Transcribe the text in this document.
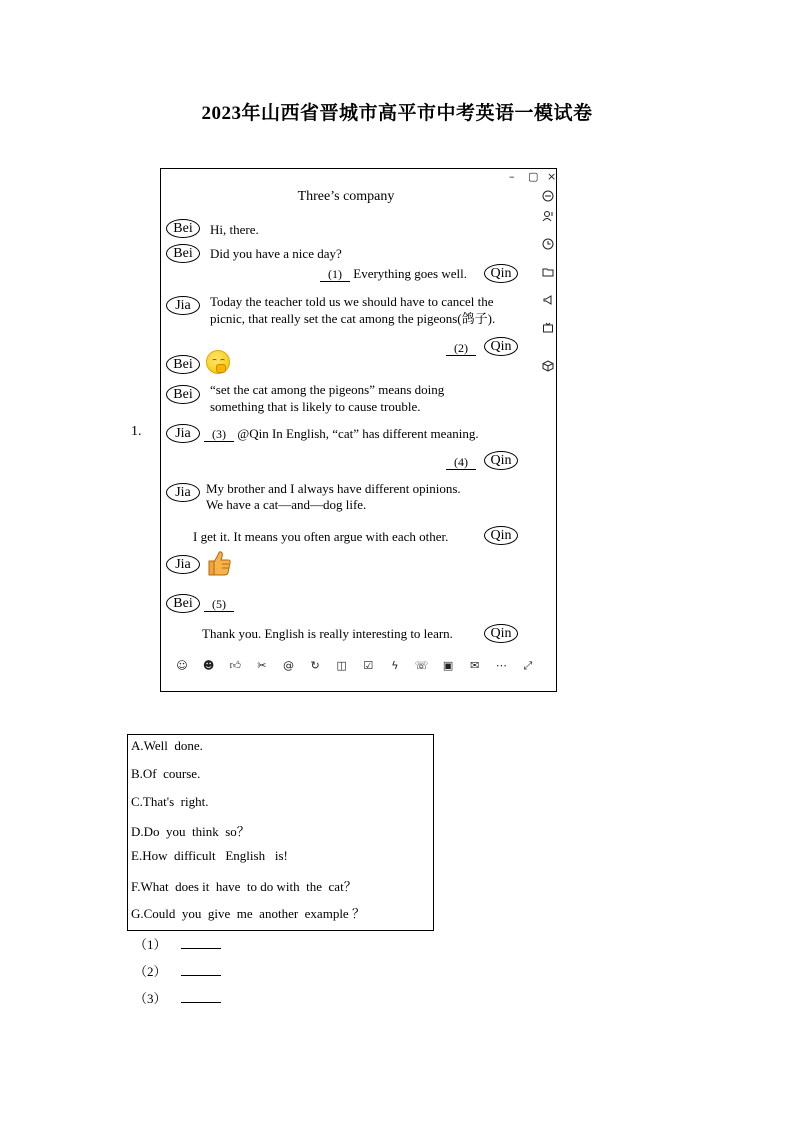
2023年山西省晋城市高平市中考英语一模试卷
1.
– ▢ ×
Three’s company
Bei	Hi, there.
Bei	Did you have a nice day?
(1) Everything goes well.	Qin
Jia	Today the teacher told us we should have to cancel the
picnic, that really set the cat among the pigeons(鸽子).
(2)	Qin
Bei
Bei	“set the cat among the pigeons” means doing
something that is likely to cause trouble.
Jia	(3) @Qin In English, “cat” has different meaning.
(4)	Qin
Jia	My brother and I always have different opinions.
We have a cat—and—dog life.
I get it. It means you often argue with each other.	Qin
Jia
Bei	(5)
Thank you. English is really interesting to learn.	Qin
☺ ☻ 👍︎ ✂ @ ↻ ◫ ☑	ϟ	☏ ▣ ✉ ⋯ ⤢
A.Well  done.
B.Of  course.
C.That's  right.
D.Do  you  think  so？
E.How  difficult   English   is!
F.What  does it  have  to do with  the  cat？
G.Could  you  give  me  another  example ？
（1）
（2）
（3）
